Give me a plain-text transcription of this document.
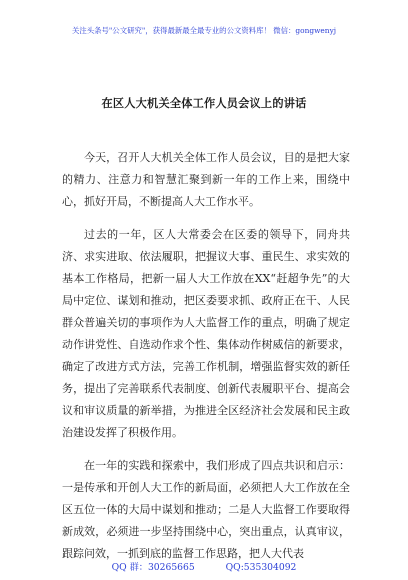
关注头条号"公文研究"，获得最新最全最专业的公文资料库！ 微信：gongwenyj
在区人大机关全体工作人员会议上的讲话

今天，召开人大机关全体工作人员会议，目的是把大家的精力、注意力和智慧汇聚到新一年的工作上来，围绕中心，抓好开局，不断提高人大工作水平。

过去的一年，区人大常委会在区委的领导下，同舟共济、求实进取、依法履职，把握议大事、重民生、求实效的基本工作格局，把新一届人大工作放在XX“赶超争先”的大局中定位、谋划和推动，把区委要求抓、政府正在干、人民群众普遍关切的事项作为人大监督工作的重点，明确了规定动作讲党性、自选动作求个性、集体动作树威信的新要求，确定了改进方式方法，完善工作机制，增强监督实效的新任务，提出了完善联系代表制度、创新代表履职平台、提高会议和审议质量的新举措，为推进全区经济社会发展和民主政治建设发挥了积极作用。

在一年的实践和探索中，我们形成了四点共识和启示：一是传承和开创人大工作的新局面，必须把人大工作放在全区五位一体的大局中谋划和推动；二是人大监督工作要取得新成效，必须进一步坚持围绕中心，突出重点，认真审议，跟踪问效，一抓到底的监督工作思路，把人大代表

QQ 群：30265665	QQ:535304092
